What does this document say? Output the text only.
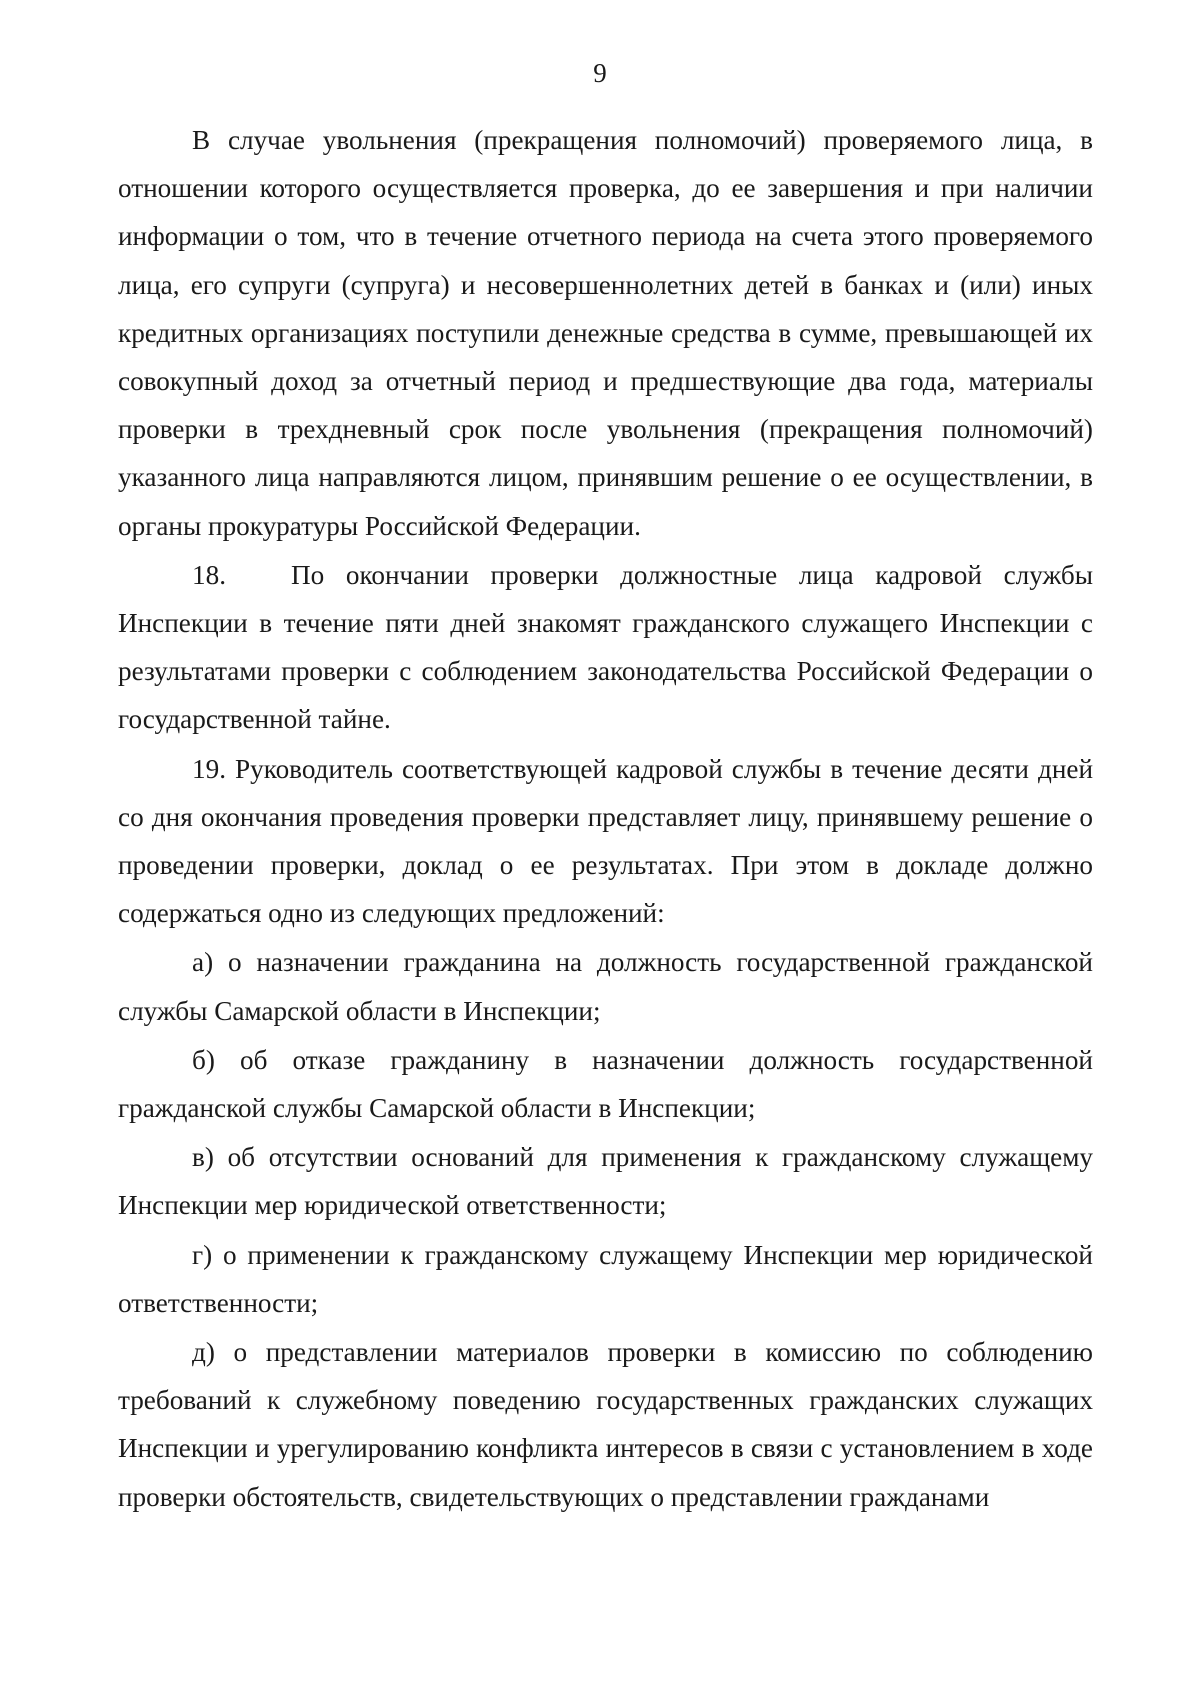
9

В случае увольнения (прекращения полномочий) проверяемого лица, в отношении которого осуществляется проверка, до ее завершения и при наличии информации о том, что в течение отчетного периода на счета этого проверяемого лица, его супруги (супруга) и несовершеннолетних детей в банках и (или) иных кредитных организациях поступили денежные средства в сумме, превышающей их совокупный доход за отчетный период и предшествующие два года, материалы проверки в трехдневный срок после увольнения (прекращения полномочий) указанного лица направляются лицом, принявшим решение о ее осуществлении, в органы прокуратуры Российской Федерации.

18.   По окончании проверки должностные лица кадровой службы Инспекции в течение пяти дней знакомят гражданского служащего Инспекции с результатами проверки с соблюдением законодательства Российской Федерации о государственной тайне.

19. Руководитель соответствующей кадровой службы в течение десяти дней со дня окончания проведения проверки представляет лицу, принявшему решение о проведении проверки, доклад о ее результатах. При этом в докладе должно содержаться одно из следующих предложений:

а) о назначении гражданина на должность государственной гражданской службы Самарской области в Инспекции;

б) об отказе гражданину в назначении должность государственной гражданской службы Самарской области в Инспекции;

в) об отсутствии оснований для применения к гражданскому служащему Инспекции мер юридической ответственности;

г) о применении к гражданскому служащему Инспекции мер юридической ответственности;

д) о представлении материалов проверки в комиссию по соблюдению требований к служебному поведению государственных гражданских служащих Инспекции и урегулированию конфликта интересов в связи с установлением в ходе проверки обстоятельств, свидетельствующих о представлении гражданами
